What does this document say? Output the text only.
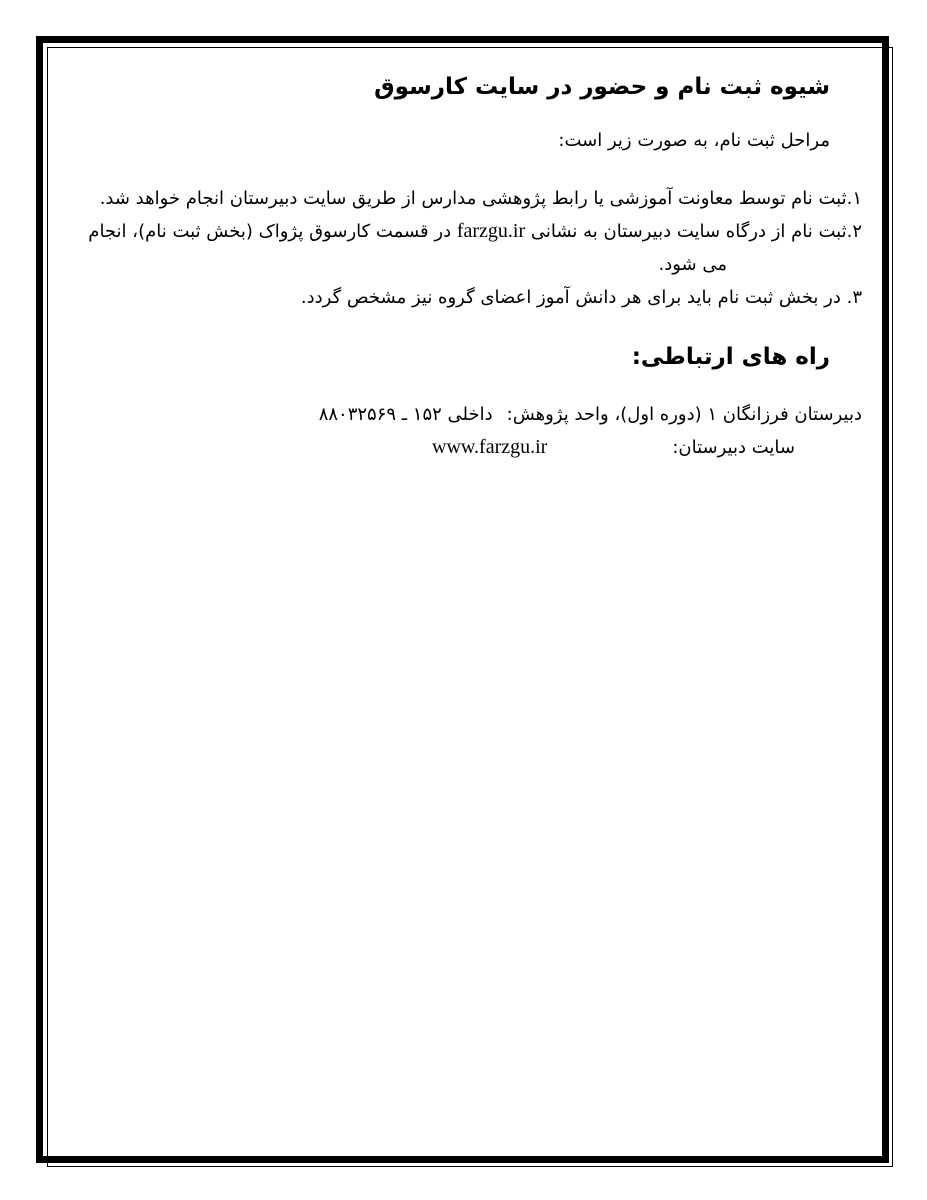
شیوه ثبت نام و حضور در سایت کارسوق

مراحل ثبت نام، به صورت زیر است:

۱.ثبت نام توسط معاونت آموزشی یا رابط پژوهشی مدارس از طریق سایت دبیرستان انجام خواهد شد.

۲.ثبت نام از درگاه سایت دبیرستان به نشانی farzgu.ir در قسمت کارسوق پژواک (بخش ثبت نام)، انجام

می شود.

۳. در بخش ثبت نام باید برای هر دانش آموز اعضای گروه نیز مشخص گردد.

راه های ارتباطی:

دبیرستان فرزانگان ۱ (دوره اول)، واحد پژوهش:داخلی ۱۵۲ ـ ۸۸۰۳۲۵۶۹

سایت دبیرستان:www.farzgu.ir
